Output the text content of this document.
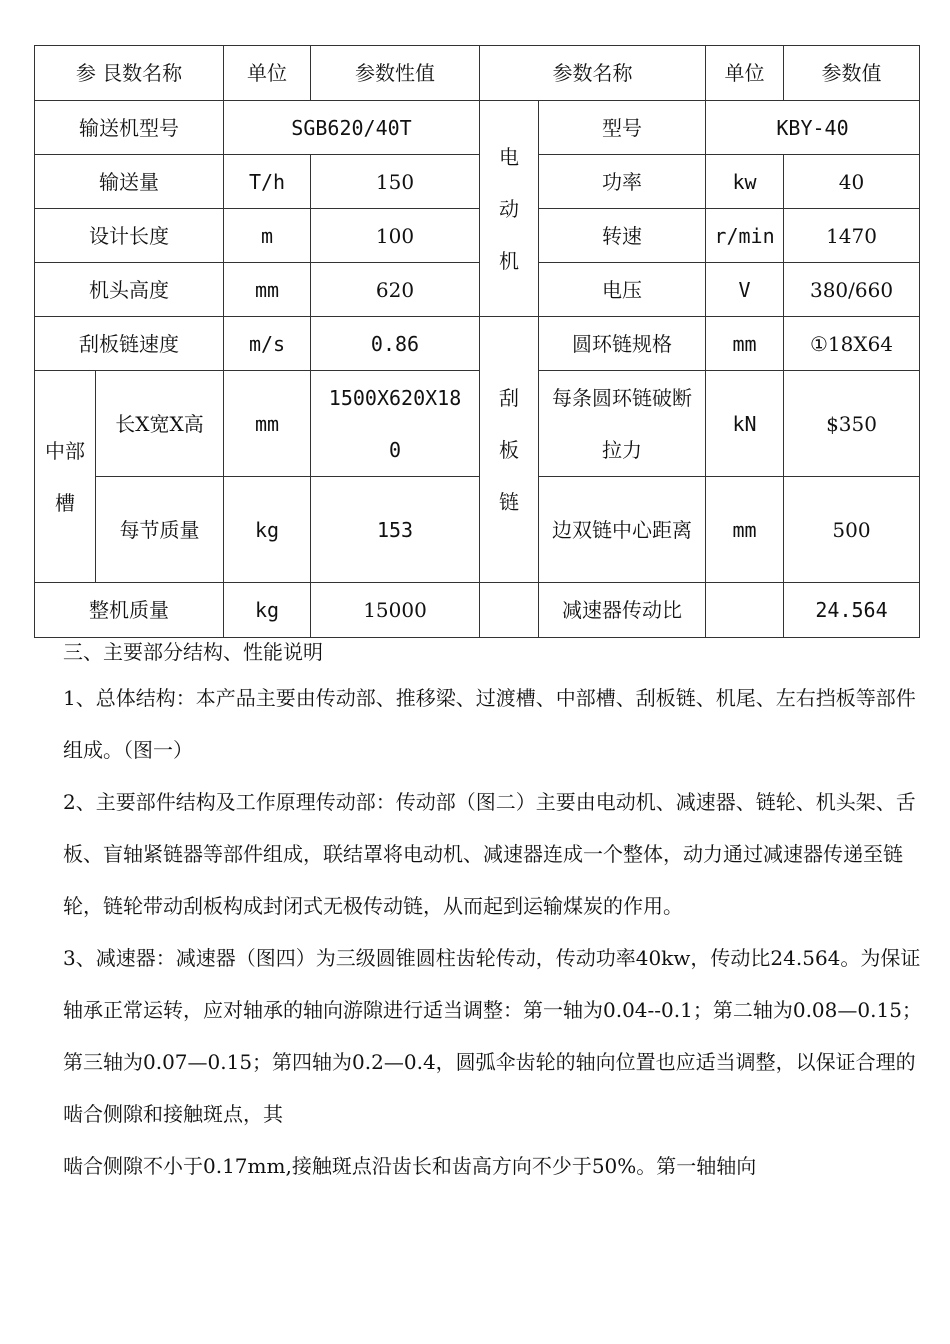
参 艮数名称		单位	参数性值	参数名称		单位	参数值
输送机型号		SGB620/40T		电动机	型号	KBY-40	
输送量		T/h	150		功率	kw	40
设计长度		m	100		转速	r/min	1470
机头高度		mm	620		电压	V	380/660
刮板链速度		m/s	0.86	刮板链	圆环链规格	mm	①18X64

中部槽	长X宽X高	mm	1500X620X180		每条圆环链破断拉力	kN	$350
	每节质量	kg	153		边双链中心距离	mm	500
整机质量		kg	15000		减速器传动比		24.564

三、主要部分结构、性能说明

1、总体结构：本产品主要由传动部、推移梁、过渡槽、中部槽、刮板链、机尾、左右挡板等部件组成。（图一）

2、主要部件结构及工作原理传动部：传动部（图二）主要由电动机、减速器、链轮、机头架、舌板、盲轴紧链器等部件组成，联结罩将电动机、减速器连成一个整体，动力通过减速器传递至链轮，链轮带动刮板构成封闭式无极传动链，从而起到运输煤炭的作用。

3、减速器：减速器（图四）为三级圆锥圆柱齿轮传动，传动功率40kw，传动比24.564。为保证轴承正常运转，应对轴承的轴向游隙进行适当调整：第一轴为0.04--0.1；第二轴为0.08—0.15；第三轴为0.07—0.15；第四轴为0.2—0.4，圆弧伞齿轮的轴向位置也应适当调整，以保证合理的啮合侧隙和接触斑点，其

啮合侧隙不小于0.17mm,接触斑点沿齿长和齿高方向不少于50%。第一轴轴向
